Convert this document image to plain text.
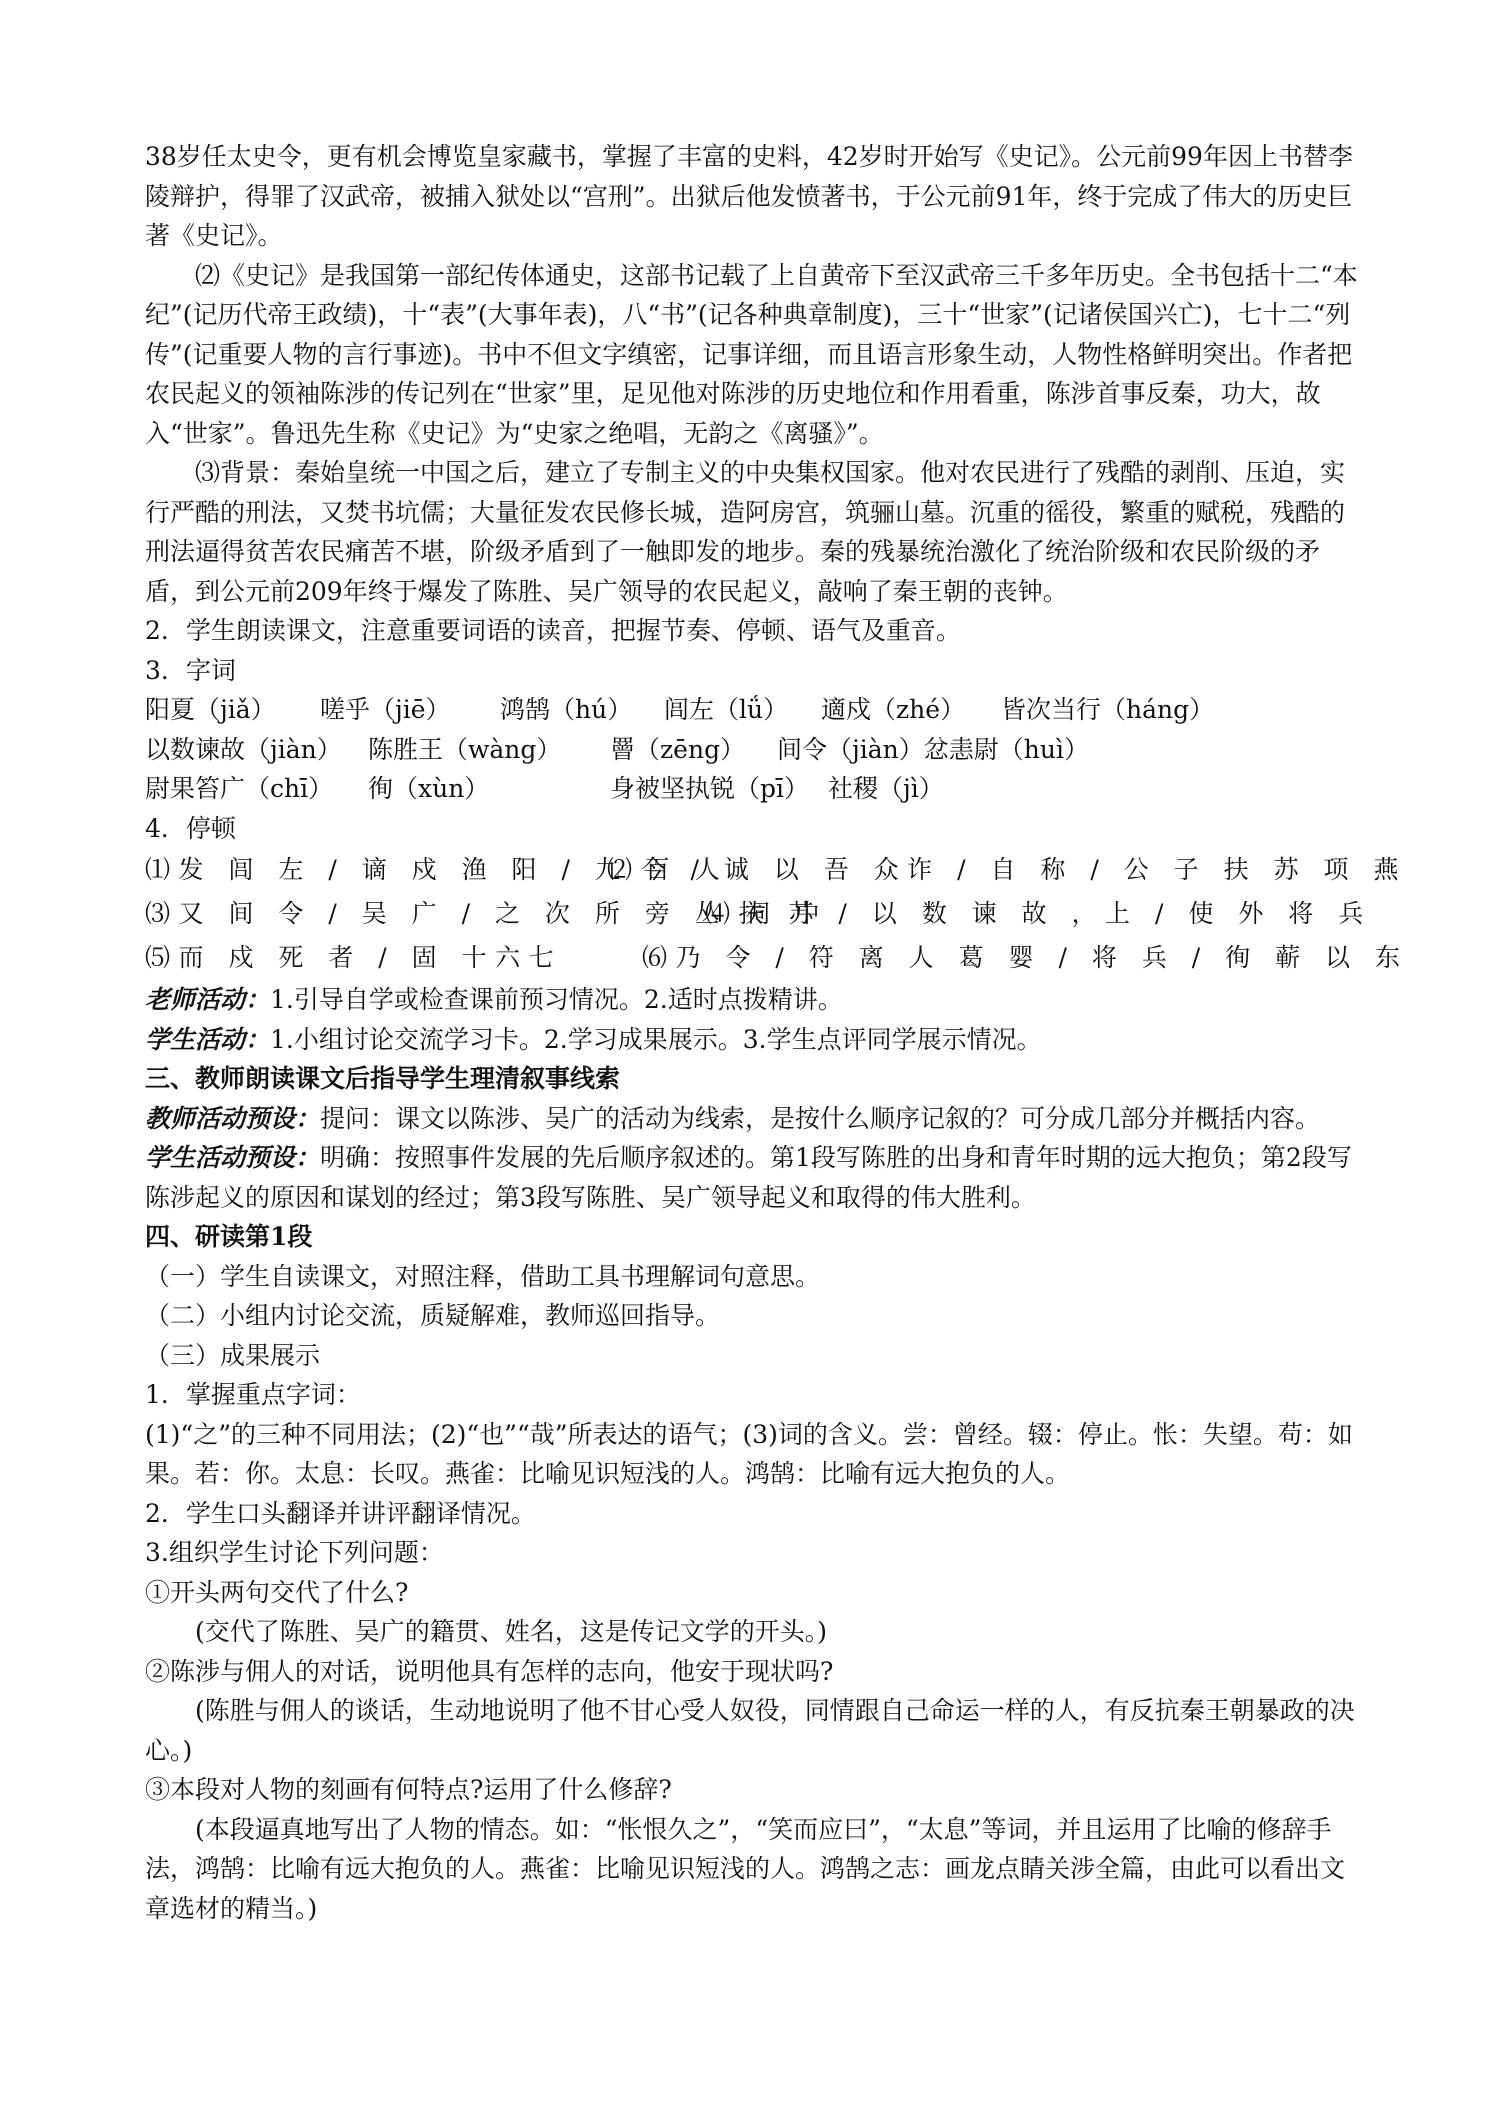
38岁任太史令，更有机会博览皇家藏书，掌握了丰富的史料，42岁时开始写《史记》。公元前99年因上书替李陵辩护，得罪了汉武帝，被捕入狱处以“宫刑”。出狱后他发愤著书，于公元前91年，终于完成了伟大的历史巨著《史记》。

⑵《史记》是我国第一部纪传体通史，这部书记载了上自黄帝下至汉武帝三千多年历史。全书包括十二“本纪”(记历代帝王政绩)，十“表”(大事年表)，八“书”(记各种典章制度)，三十“世家”(记诸侯国兴亡)，七十二“列传”(记重要人物的言行事迹)。书中不但文字缜密，记事详细，而且语言形象生动，人物性格鲜明突出。作者把农民起义的领袖陈涉的传记列在“世家”里，足见他对陈涉的历史地位和作用看重，陈涉首事反秦，功大，故入“世家”。鲁迅先生称《史记》为“史家之绝唱，无韵之《离骚》”。

⑶背景：秦始皇统一中国之后，建立了专制主义的中央集权国家。他对农民进行了残酷的剥削、压迫，实行严酷的刑法，又焚书坑儒；大量征发农民修长城，造阿房宫，筑骊山墓。沉重的徭役，繁重的赋税，残酷的刑法逼得贫苦农民痛苦不堪，阶级矛盾到了一触即发的地步。秦的残暴统治激化了统治阶级和农民阶级的矛盾，到公元前209年终于爆发了陈胜、吴广领导的农民起义，敲响了秦王朝的丧钟。

2．学生朗读课文，注意重要词语的读音，把握节奏、停顿、语气及重音。

3．字词

阳夏（jiǎ） 嗟乎（jiē） 鸿鹄（hú） 闾左（lǘ） 適戍（zhé） 皆次当行（háng）
以数谏故（jiàn） 陈胜王（wàng） 罾（zēng） 间令（jiàn）忿恚尉（huì）
尉果笞广（chī） 徇（xùn）	身被坚执锐（pī） 社稷（jì）

4．停顿

⑴发 闾 左 / 谪 戍 渔 阳 / 九 百 人
⑵今 / 诚 以 吾 众诈 / 自 称 / 公 子 扶 苏 项 燕
⑶又 间 令 / 吴 广 / 之 次 所 旁 丛 祠 中
⑷扶 苏 / 以 数 谏 故 ，上 / 使 外 将 兵
⑸而 戍 死 者 / 固 十六七	⑹乃 令 / 符 离 人 葛 婴 / 将 兵 / 徇 蕲 以 东

老师活动：1.引导自学或检查课前预习情况。2.适时点拨精讲。

学生活动：1.小组讨论交流学习卡。2.学习成果展示。3.学生点评同学展示情况。

三、教师朗读课文后指导学生理清叙事线索

教师活动预设：提问：课文以陈涉、吴广的活动为线索，是按什么顺序记叙的？可分成几部分并概括内容。

学生活动预设：明确：按照事件发展的先后顺序叙述的。第1段写陈胜的出身和青年时期的远大抱负；第2段写陈涉起义的原因和谋划的经过；第3段写陈胜、吴广领导起义和取得的伟大胜利。

四、研读第1段

（一）学生自读课文，对照注释，借助工具书理解词句意思。

（二）小组内讨论交流，质疑解难，教师巡回指导。

（三）成果展示

1．掌握重点字词：

(1)“之”的三种不同用法；(2)“也”“哉”所表达的语气；(3)词的含义。尝：曾经。辍：停止。怅：失望。苟：如果。若：你。太息：长叹。燕雀：比喻见识短浅的人。鸿鹄：比喻有远大抱负的人。

2．学生口头翻译并讲评翻译情况。

3.组织学生讨论下列问题：

①开头两句交代了什么?

(交代了陈胜、吴广的籍贯、姓名，这是传记文学的开头。)

②陈涉与佣人的对话，说明他具有怎样的志向，他安于现状吗?

(陈胜与佣人的谈话，生动地说明了他不甘心受人奴役，同情跟自己命运一样的人，有反抗秦王朝暴政的决心。)

③本段对人物的刻画有何特点?运用了什么修辞?

(本段逼真地写出了人物的情态。如：“怅恨久之”，“笑而应曰”，“太息”等词，并且运用了比喻的修辞手法，鸿鹄：比喻有远大抱负的人。燕雀：比喻见识短浅的人。鸿鹄之志：画龙点睛关涉全篇，由此可以看出文章选材的精当。)
